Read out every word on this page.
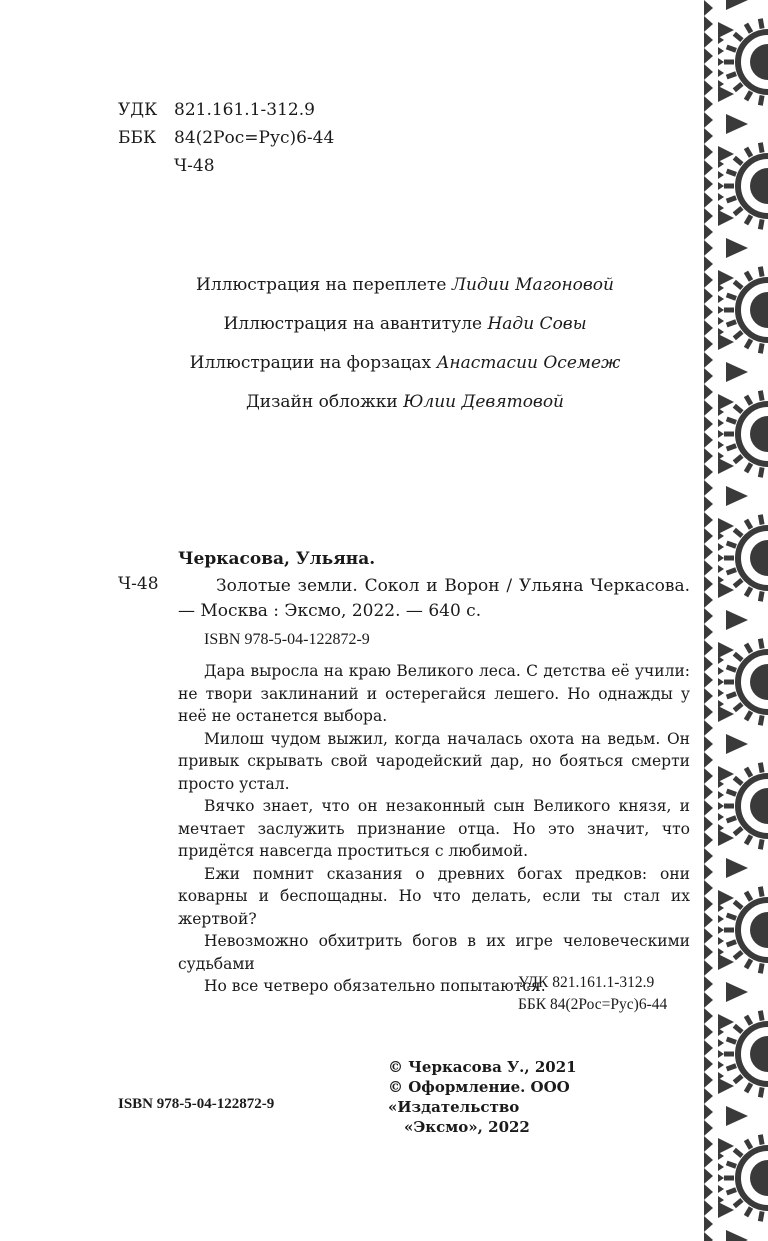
УДК 821.161.1-312.9
ББК	84(2Рос=Рус)6-44
Ч-48
Иллюстрация на переплете Лидии Магоновой
Иллюстрация на авантитуле Нади Совы
Иллюстрации на форзацах Анастасии Осемеж
Дизайн обложки Юлии Девятовой
Черкасова, Ульяна.
Ч-48	Золотые земли. Сокол и Ворон / Ульяна Черкасова. — Москва : Эксмо, 2022. — 640 с.
ISBN 978-5-04-122872-9

Дара выросла на краю Великого леса. С детства её учили: не твори заклинаний и остерегайся лешего. Но однажды у неё не останется выбора.

Милош чудом выжил, когда началась охота на ведьм. Он привык скрывать свой чародейский дар, но бояться смерти просто устал.

Вячко знает, что он незаконный сын Великого князя, и мечтает заслужить признание отца. Но это значит, что придётся навсегда проститься с любимой.

Ежи помнит сказания о древних богах предков: они коварны и беспощадны. Но что делать, если ты стал их жертвой?

Невозможно обхитрить богов в их игре человеческими судьбами

Но все четверо обязательно попытаются.

УДК 821.161.1-312.9
ББК 84(2Рос=Рус)6-44
© Черкасова У., 2021
© Оформление. ООО «Издательство
«Эксмо», 2022
ISBN 978-5-04-122872-9
